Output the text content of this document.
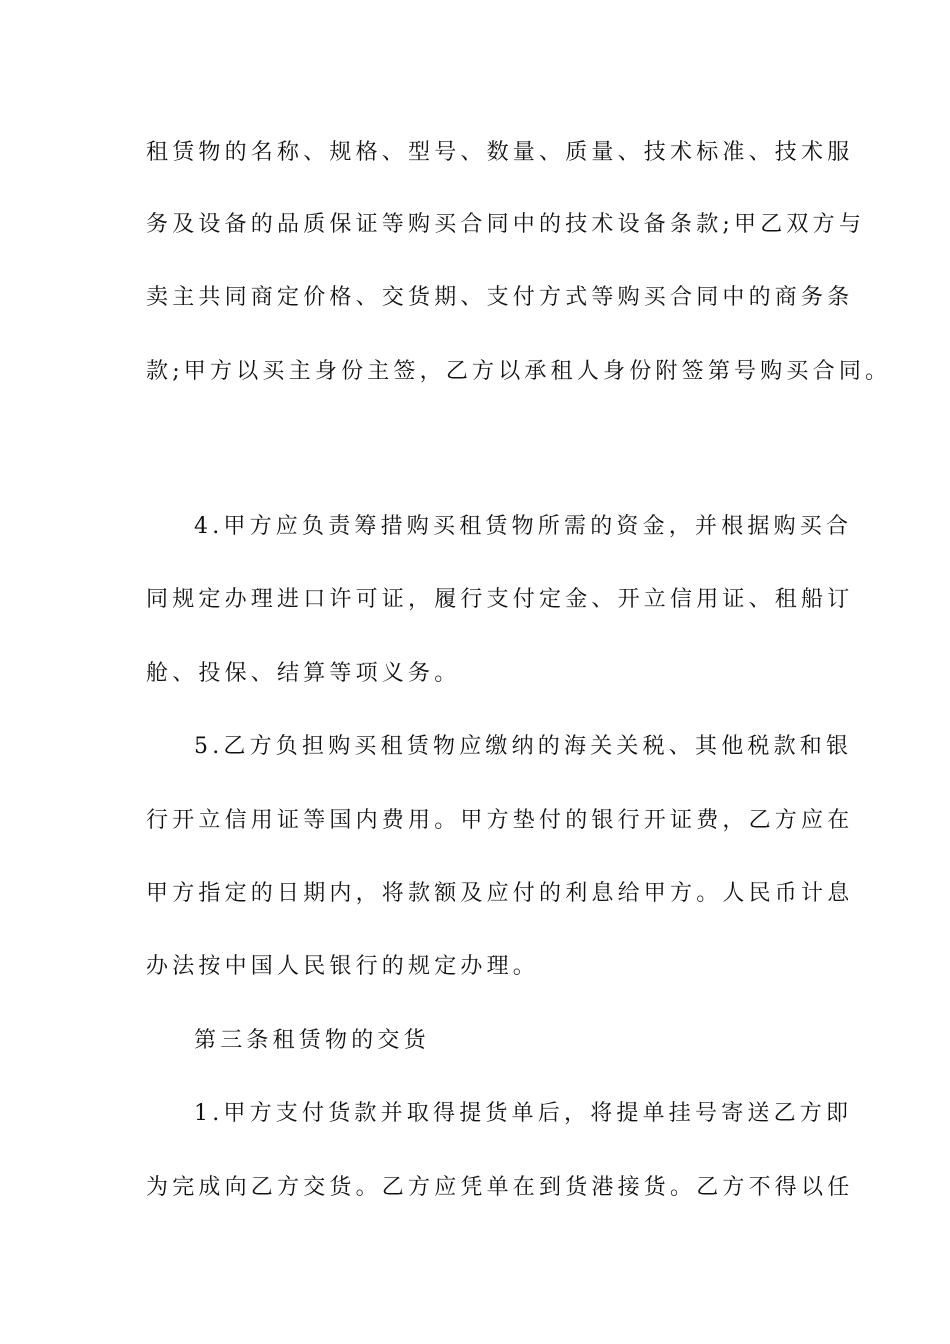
租赁物的名称、规格、型号、数量、质量、技术标准、技术服
务及设备的品质保证等购买合同中的技术设备条款;甲乙双方与
卖主共同商定价格、交货期、支付方式等购买合同中的商务条
款;甲方以买主身份主签，乙方以承租人身份附签第号购买合同。
4.甲方应负责筹措购买租赁物所需的资金，并根据购买合
同规定办理进口许可证，履行支付定金、开立信用证、租船订
舱、投保、结算等项义务。
5.乙方负担购买租赁物应缴纳的海关关税、其他税款和银
行开立信用证等国内费用。甲方垫付的银行开证费，乙方应在
甲方指定的日期内，将款额及应付的利息给甲方。人民币计息
办法按中国人民银行的规定办理。
第三条租赁物的交货
1.甲方支付货款并取得提货单后，将提单挂号寄送乙方即
为完成向乙方交货。乙方应凭单在到货港接货。乙方不得以任
